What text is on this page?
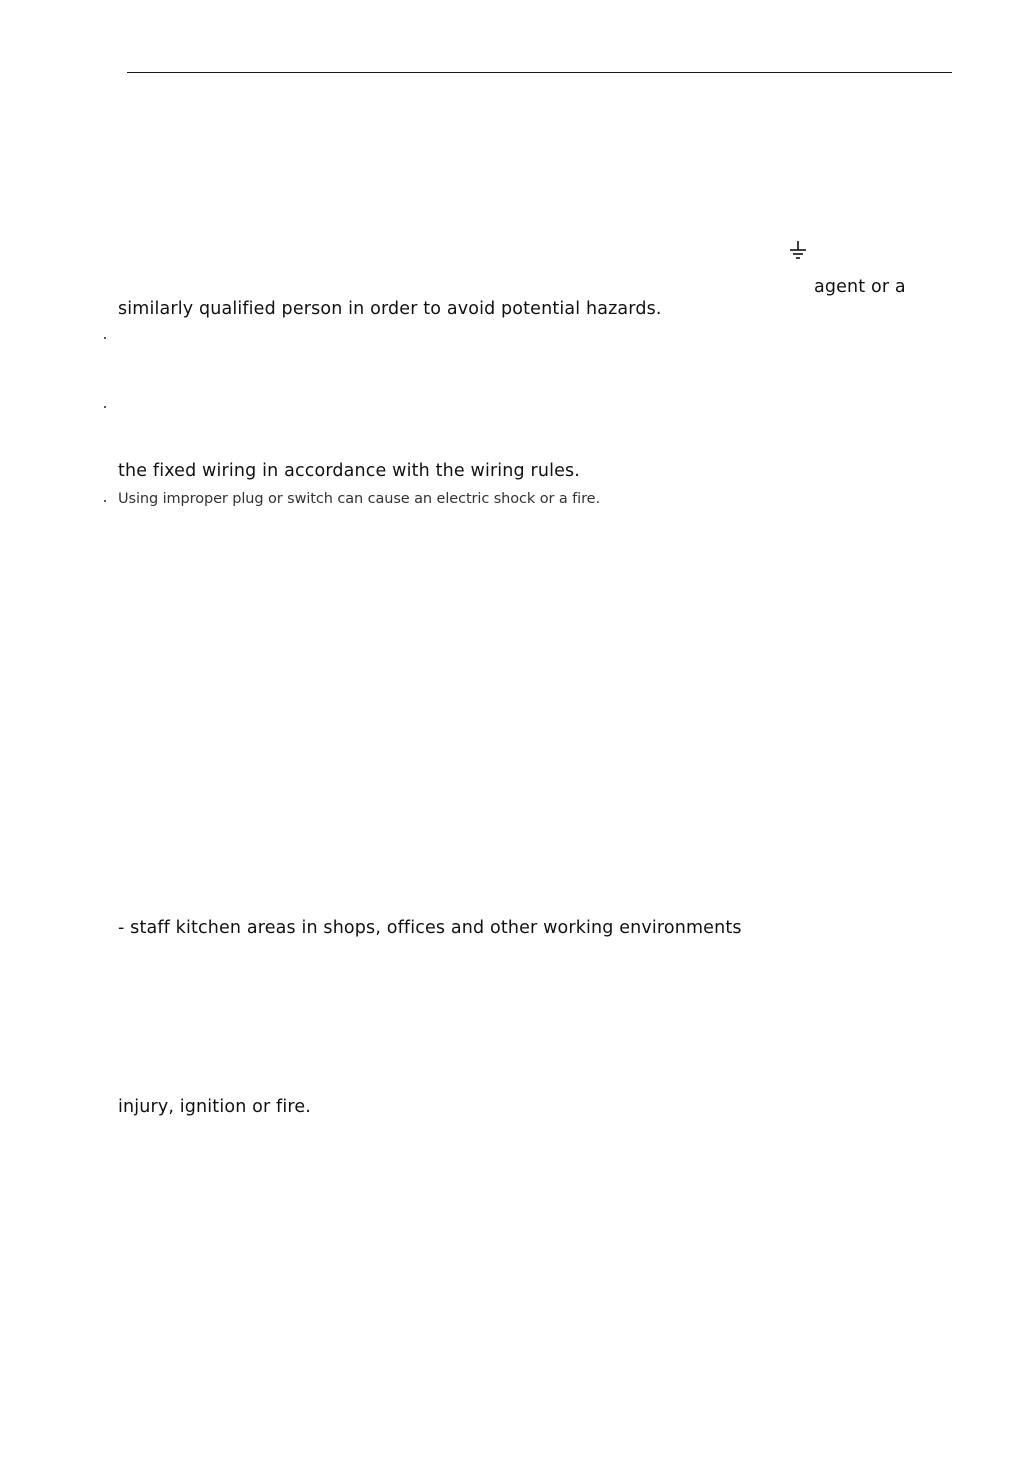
agent or a
similarly qualified person in order to avoid potential hazards.
the fixed wiring in accordance with the wiring rules.
Using improper plug or switch can cause an electric shock or a fire.
- staff kitchen areas in shops, offices and other working environments
injury, ignition or fire.
